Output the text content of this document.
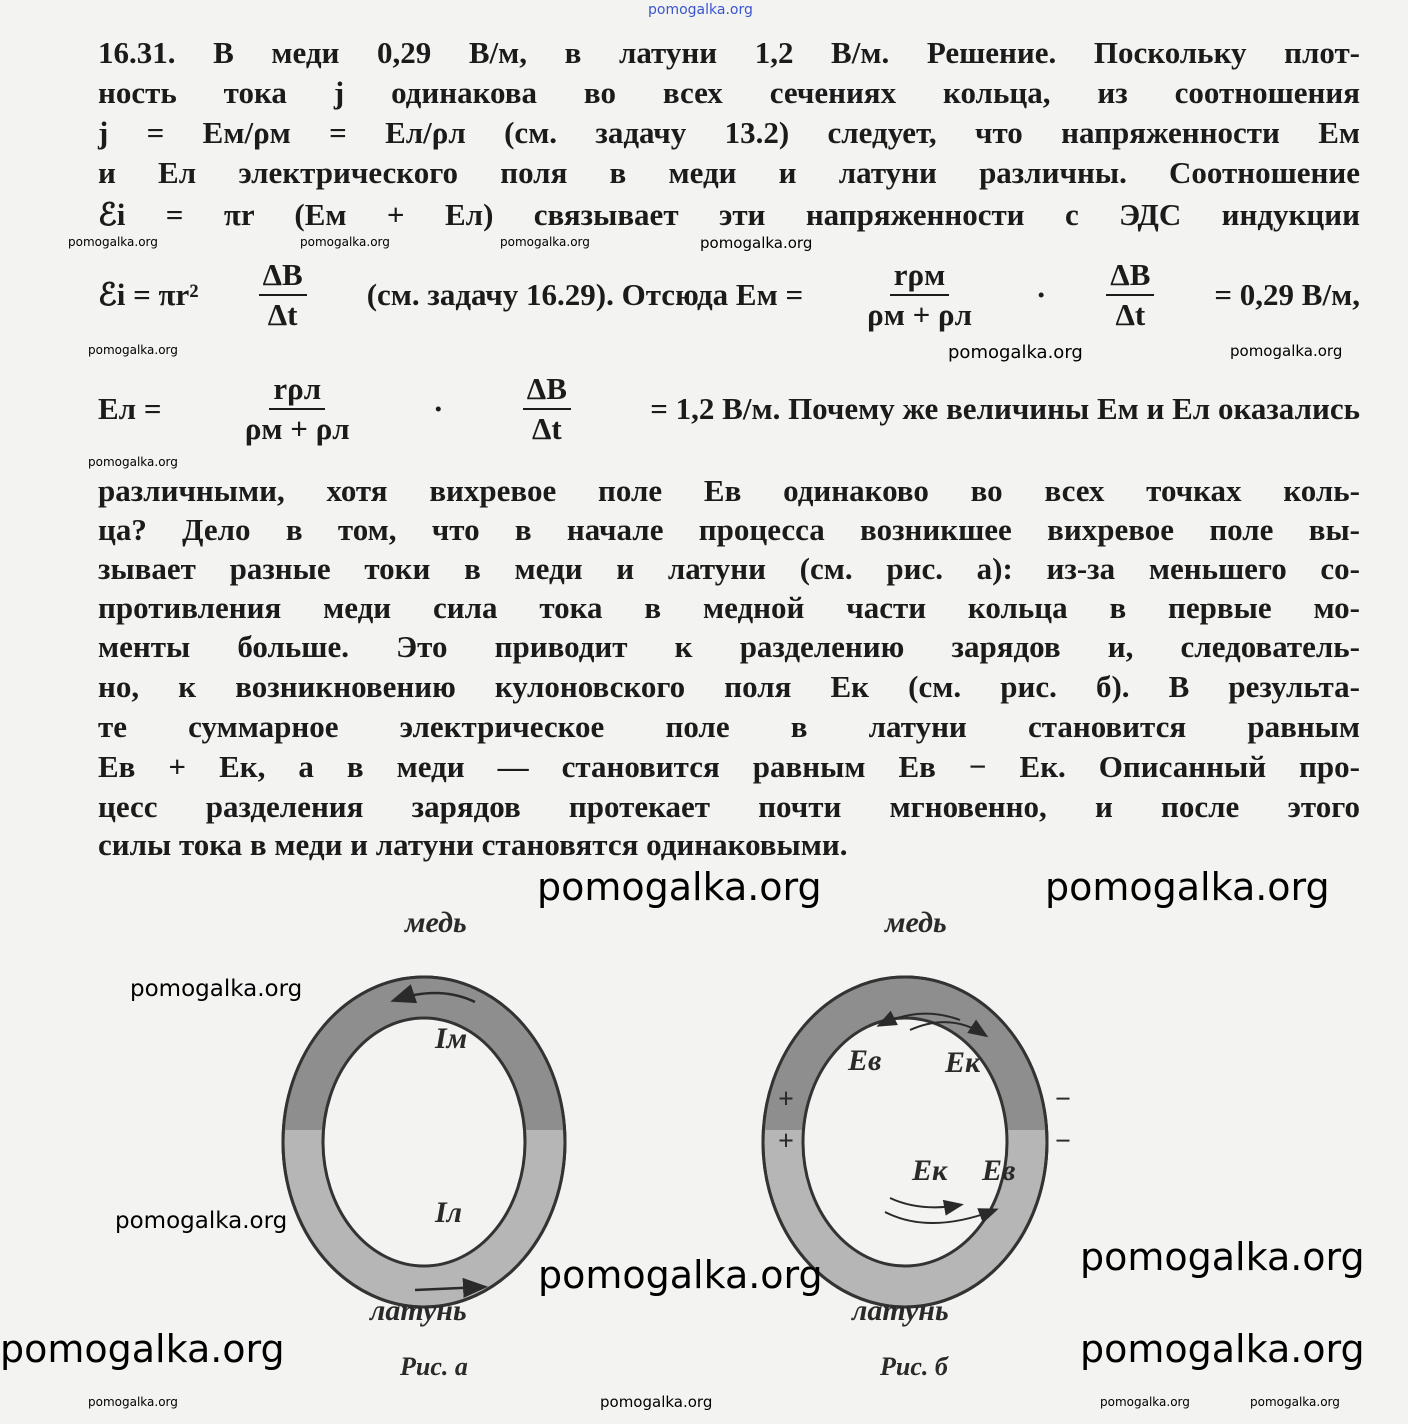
16.31. В меди 0,29 В/м, в латуни 1,2 В/м. Решение. Поскольку плот-
ность тока j одинакова во всех сечениях кольца, из соотношения
j = Eм/ρм = Eл/ρл (см. задачу 13.2) следует, что напряженности Eм
и Eл электрического поля в меди и латуни различны. Соотношение
ℰi = πr (Eм + Eл) связывает эти напряженности с ЭДС индукции
ℰi = $\pi r^2 \frac{\Delta B}{\Delta t} (см$. задачу 16.29). Отсюда Eм = $\frac{\text{rρм}}{\rho м + \rho л} \cdot \frac{\Delta B}{\Delta t} = 0,29$ В/м,
Eл =	$\frac{\text{rρл}}{\rho м + \rho л}$	·	$\frac{\Delta B}{\Delta t}$	= 1,2 В/м. Почему же величины Eм и Eл оказались
различными, хотя вихревое поле Eв одинаково во всех точках коль-
ца? Дело в том, что в начале процесса возникшее вихревое поле вы-
зывает разные токи в меди и латуни (см. рис. а): из-за меньшего со-
противления меди сила тока в медной части кольца в первые мо-
менты больше. Это приводит к разделению зарядов и, следователь-
но, к возникновению кулоновского поля Eк (см. рис. б). В результа-
те суммарное электрическое поле в латуни становится равным
Eв + Eк, а в меди — становится равным Eв − Eк. Описанный про-
цесс разделения зарядов протекает почти мгновенно, и после этого
силы тока в меди и латуни становятся одинаковыми.
Iм
Iл
медь
латунь
Рис. а
Eв Eк
Eк Eв
+
+
−
−
медь
латунь
Рис. б
pomogalka.org
pomogalka.org	pomogalka.org	pomogalka.org	pomogalka.org
pomogalka.org	pomogalka.org
pomogalka.org
pomogalka.org
pomogalka.org	pomogalka.org	pomogalka.org	pomogalka.org
pomogalka.org	pomogalka.org
pomogalka.org	pomogalka.org
pomogalka.org
pomogalka.org
pomogalka.org
pomogalka.org
